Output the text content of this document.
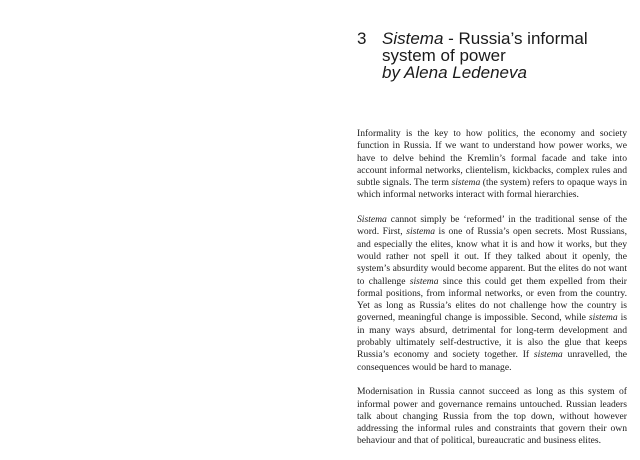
3 Sistema - Russia’s informal
system of power
by Alena Ledeneva

Informality is the key to how politics, the economy and society function in Russia. If we want to understand how power works, we have to delve behind the Kremlin’s formal facade and take into account informal networks, clientelism, kickbacks, complex rules and subtle signals. The term sistema (the system) refers to opaque ways in which informal networks interact with formal hierarchies.

Sistema cannot simply be ‘reformed’ in the traditional sense of the word. First, sistema is one of Russia’s open secrets. Most Russians, and especially the elites, know what it is and how it works, but they would rather not spell it out. If they talked about it openly, the system’s absurdity would become apparent. But the elites do not want to challenge sistema since this could get them expelled from their formal positions, from informal networks, or even from the country. Yet as long as Russia’s elites do not challenge how the country is governed, meaningful change is impossible. Second, while sistema is in many ways absurd, detrimental for long-term development and probably ultimately self-destructive, it is also the glue that keeps Russia’s economy and society together. If sistema unravelled, the consequences would be hard to manage.

Modernisation in Russia cannot succeed as long as this system of informal power and governance remains untouched. Russian leaders talk about changing Russia from the top down, without however addressing the informal rules and constraints that govern their own behaviour and that of political, bureaucratic and business elites.
